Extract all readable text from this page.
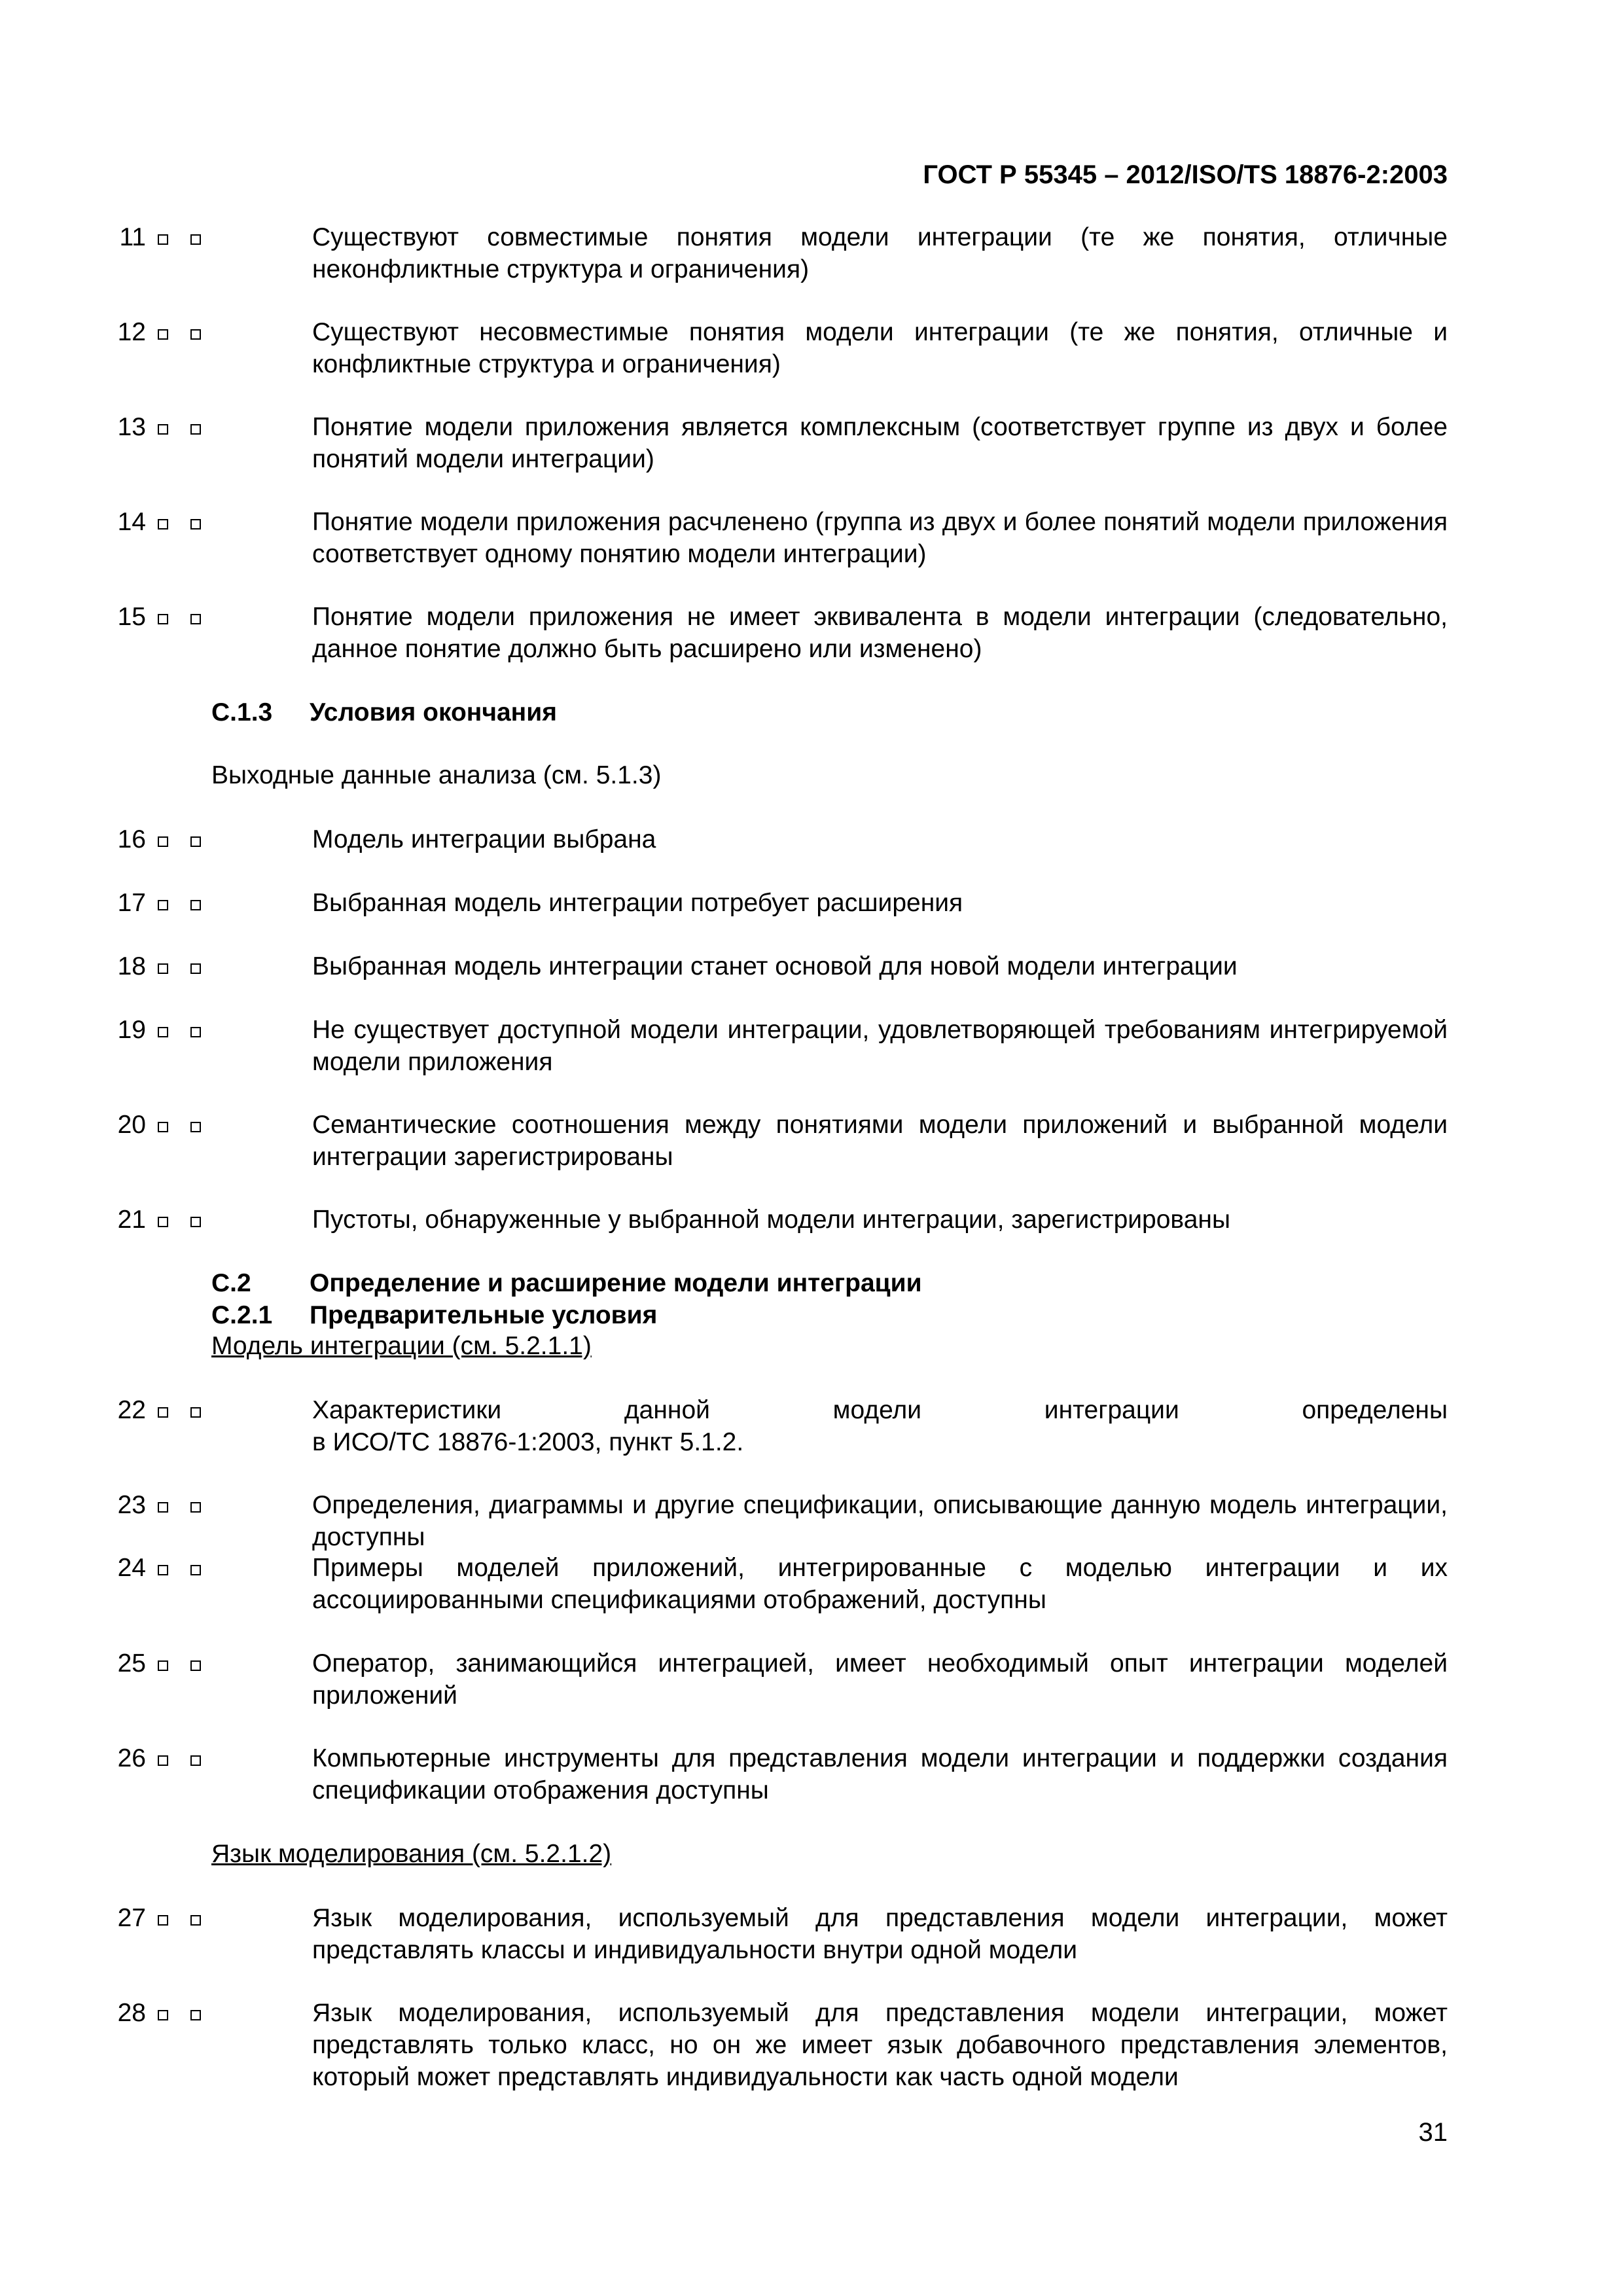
ГОСТ Р 55345 – 2012/ISO/TS 18876-2:2003
11	Существуют совместимые понятия модели интеграции (те же понятия, отличные неконфликтные структура и ограничения)
12	Существуют несовместимые понятия модели интеграции (те же понятия, отличные и конфликтные структура и ограничения)
13	Понятие модели приложения является комплексным (соответствует группе из двух и более понятий модели интеграции)
14	Понятие модели приложения расчленено (группа из двух и более понятий модели приложения соответствует одному понятию модели интеграции)
15	Понятие модели приложения не имеет эквивалента в модели интеграции (следовательно, данное понятие должно быть расширено или изменено)
С.1.3 Условия окончания
Выходные данные анализа (см. 5.1.3)
16	Модель интеграции выбрана
17	Выбранная модель интеграции потребует расширения
18	Выбранная модель интеграции станет основой для новой модели интеграции
19	Не существует доступной модели интеграции, удовлетворяющей требованиям интегрируемой модели приложения
20	Семантические соотношения между понятиями модели приложений и выбранной модели интеграции зарегистрированы
21	Пустоты, обнаруженные у выбранной модели интеграции, зарегистрированы
С.2 Определение и расширение модели интеграции
С.2.1 Предварительные условия
Модель интеграции (см. 5.2.1.1)
22	Характеристики данной модели интеграции определены
в ИСО/ТС 18876-1:2003, пункт 5.1.2.
23	Определения, диаграммы и другие спецификации, описывающие данную модель интеграции, доступны
24	Примеры моделей приложений, интегрированные с моделью интеграции и их ассоциированными спецификациями отображений, доступны
25	Оператор, занимающийся интеграцией, имеет необходимый опыт интеграции моделей приложений
26	Компьютерные инструменты для представления модели интеграции и поддержки создания спецификации отображения доступны
Язык моделирования (см. 5.2.1.2)
27	Язык моделирования, используемый для представления модели интеграции, может представлять классы и индивидуальности внутри одной модели
28	Язык моделирования, используемый для представления модели интеграции, может представлять только класс, но он же имеет язык добавочного представления элементов, который может представлять индивидуальности как часть одной модели
31
